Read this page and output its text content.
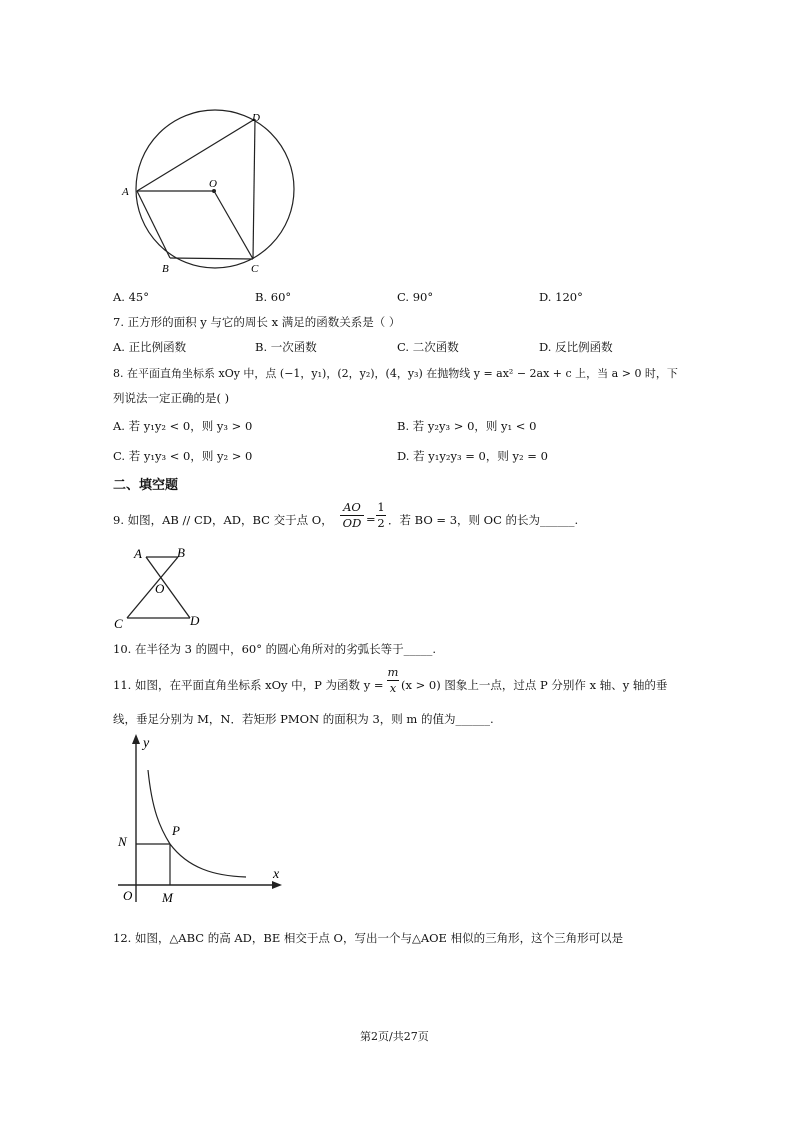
D
A
O
B	C
A. 45°	B. 60°	C. 90°	D. 120°
7. 正方形的面积 y 与它的周长 x 满足的函数关系是（ ）
A. 正比例函数	B. 一次函数	C. 二次函数	D. 反比例函数
8. 在平面直角坐标系 xOy 中，点 (−1，y₁)，(2，y₂)，(4，y₃) 在抛物线 y = ax² − 2ax + c 上，当 a > 0 时，下
列说法一定正确的是( )
A. 若 y₁y₂ < 0，则 y₃ > 0	B. 若 y₂y₃ > 0，则 y₁ < 0
C. 若 y₁y₃ < 0，则 y₂ > 0	D. 若 y₁y₂y₃ = 0，则 y₂ = 0
二、填空题
9. 如图，AB // CD，AD，BC 交于点 O， $\frac{AO}{OD} = \frac{1}{2}$ ．若 BO = 3，则 OC 的长为______.
A	B
O
C	D
10. 在半径为 3 的圆中，60° 的圆心角所对的劣弧长等于_____.
11. 如图，在平面直角坐标系 xOy 中，P 为函数 $y = \frac{m}{x} (x > 0)$ 图象上一点，过点 P 分别作 x 轴、y 轴的垂
线，垂足分别为 M，N．若矩形 PMON 的面积为 3，则 m 的值为______.
y
x
N
P
O M
12. 如图，△ABC 的高 AD，BE 相交于点 O，写出一个与△AOE 相似的三角形，这个三角形可以是
第2页/共27页
